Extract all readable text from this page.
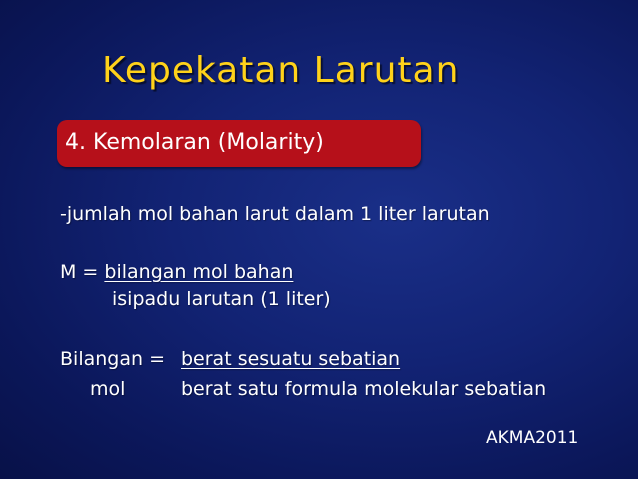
Kepekatan Larutan
4. Kemolaran (Molarity)
-jumlah mol bahan larut dalam 1 liter larutan
M = bilangan mol bahan
isipadu larutan (1 liter)
Bilangan = berat sesuatu sebatian
mol	berat satu formula molekular sebatian
AKMA2011
